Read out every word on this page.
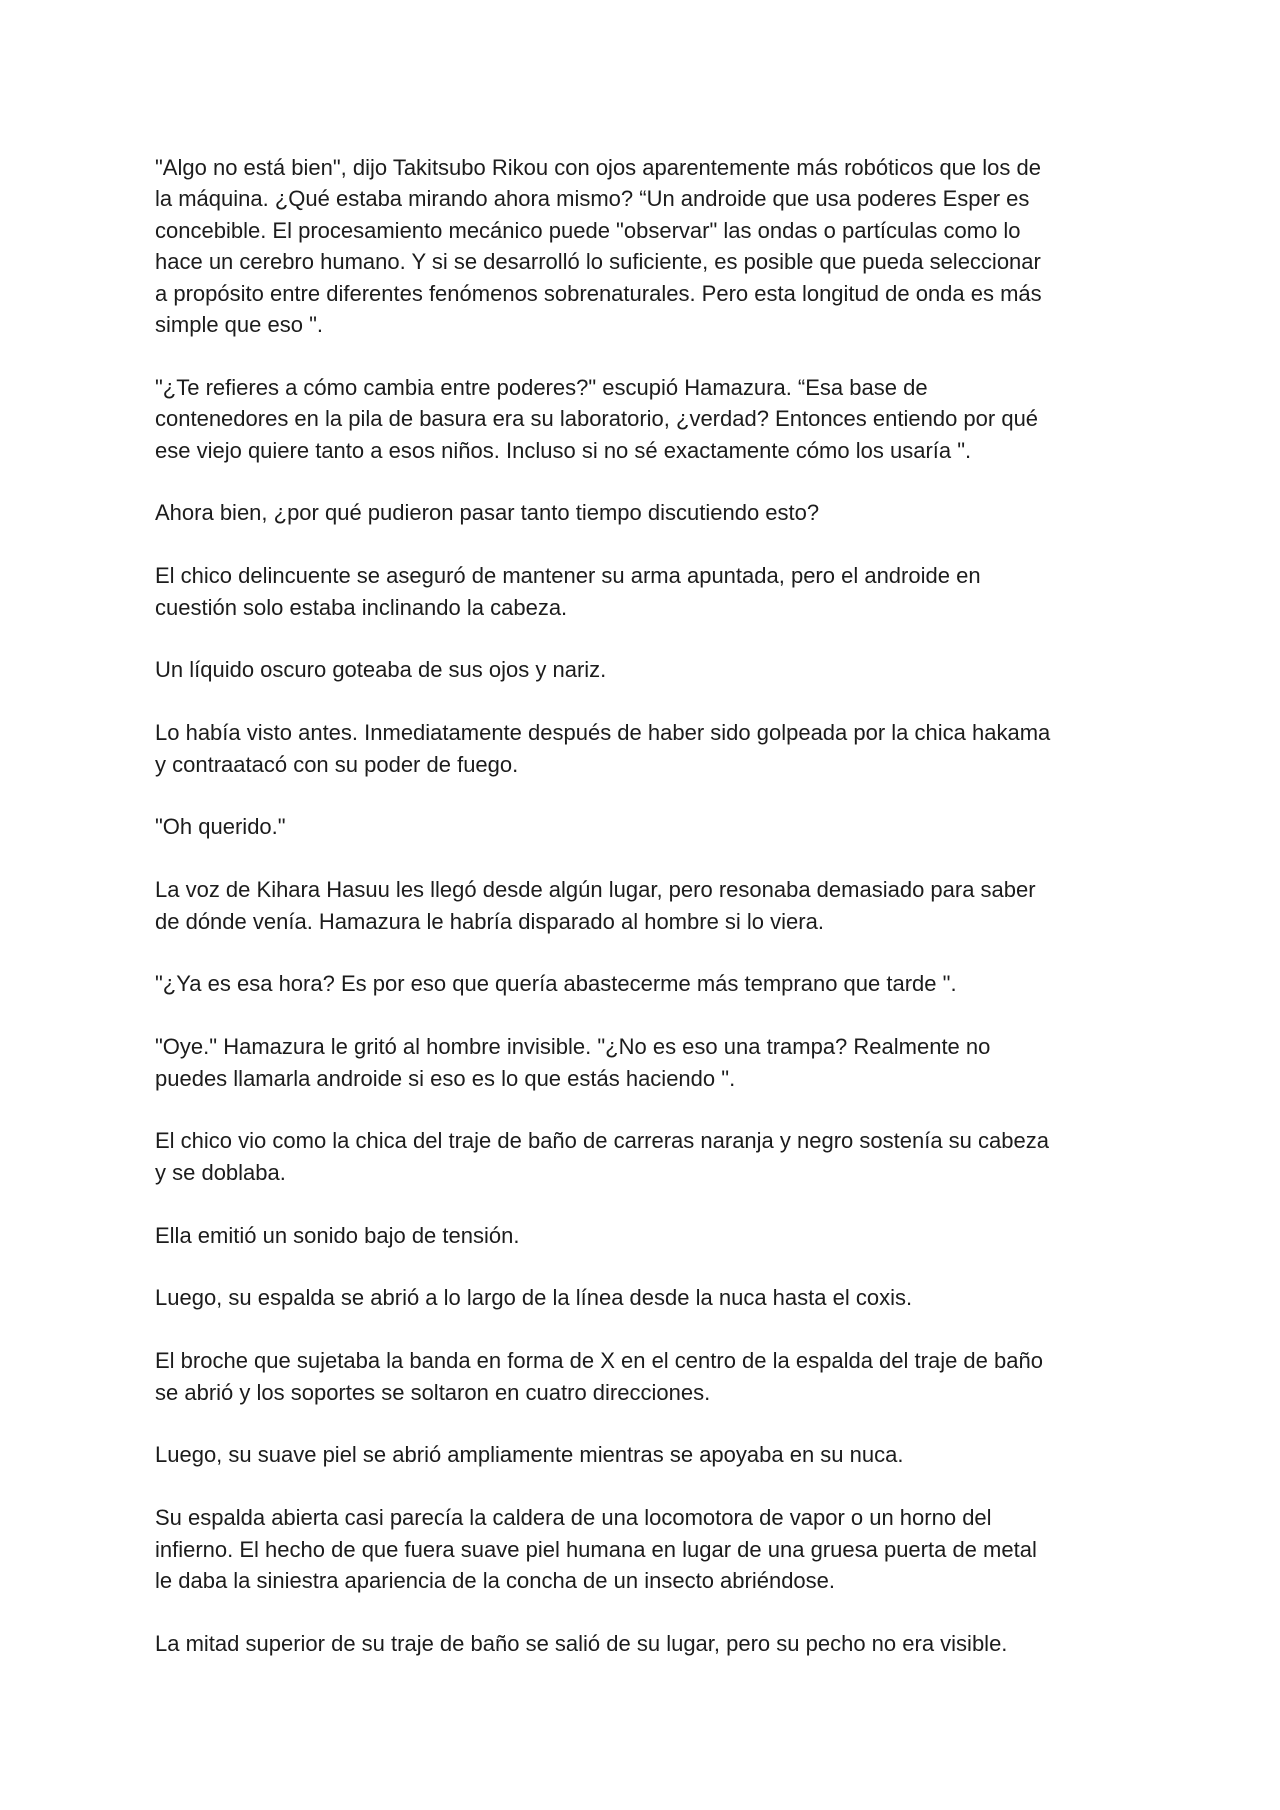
"Algo no está bien", dijo Takitsubo Rikou con ojos aparentemente más robóticos que los de
la máquina. ¿Qué estaba mirando ahora mismo? “Un androide que usa poderes Esper es
concebible. El procesamiento mecánico puede "observar" las ondas o partículas como lo
hace un cerebro humano. Y si se desarrolló lo suficiente, es posible que pueda seleccionar
a propósito entre diferentes fenómenos sobrenaturales. Pero esta longitud de onda es más
simple que eso ".

"¿Te refieres a cómo cambia entre poderes?" escupió Hamazura. “Esa base de
contenedores en la pila de basura era su laboratorio, ¿verdad? Entonces entiendo por qué
ese viejo quiere tanto a esos niños. Incluso si no sé exactamente cómo los usaría ".

Ahora bien, ¿por qué pudieron pasar tanto tiempo discutiendo esto?

El chico delincuente se aseguró de mantener su arma apuntada, pero el androide en
cuestión solo estaba inclinando la cabeza.

Un líquido oscuro goteaba de sus ojos y nariz.

Lo había visto antes. Inmediatamente después de haber sido golpeada por la chica hakama
y contraatacó con su poder de fuego.

"Oh querido."

La voz de Kihara Hasuu les llegó desde algún lugar, pero resonaba demasiado para saber
de dónde venía. Hamazura le habría disparado al hombre si lo viera.

"¿Ya es esa hora? Es por eso que quería abastecerme más temprano que tarde ".

"Oye." Hamazura le gritó al hombre invisible. "¿No es eso una trampa? Realmente no
puedes llamarla androide si eso es lo que estás haciendo ".

El chico vio como la chica del traje de baño de carreras naranja y negro sostenía su cabeza
y se doblaba.

Ella emitió un sonido bajo de tensión.

Luego, su espalda se abrió a lo largo de la línea desde la nuca hasta el coxis.

El broche que sujetaba la banda en forma de X en el centro de la espalda del traje de baño
se abrió y los soportes se soltaron en cuatro direcciones.

Luego, su suave piel se abrió ampliamente mientras se apoyaba en su nuca.

Su espalda abierta casi parecía la caldera de una locomotora de vapor o un horno del
infierno. El hecho de que fuera suave piel humana en lugar de una gruesa puerta de metal
le daba la siniestra apariencia de la concha de un insecto abriéndose.

La mitad superior de su traje de baño se salió de su lugar, pero su pecho no era visible.
